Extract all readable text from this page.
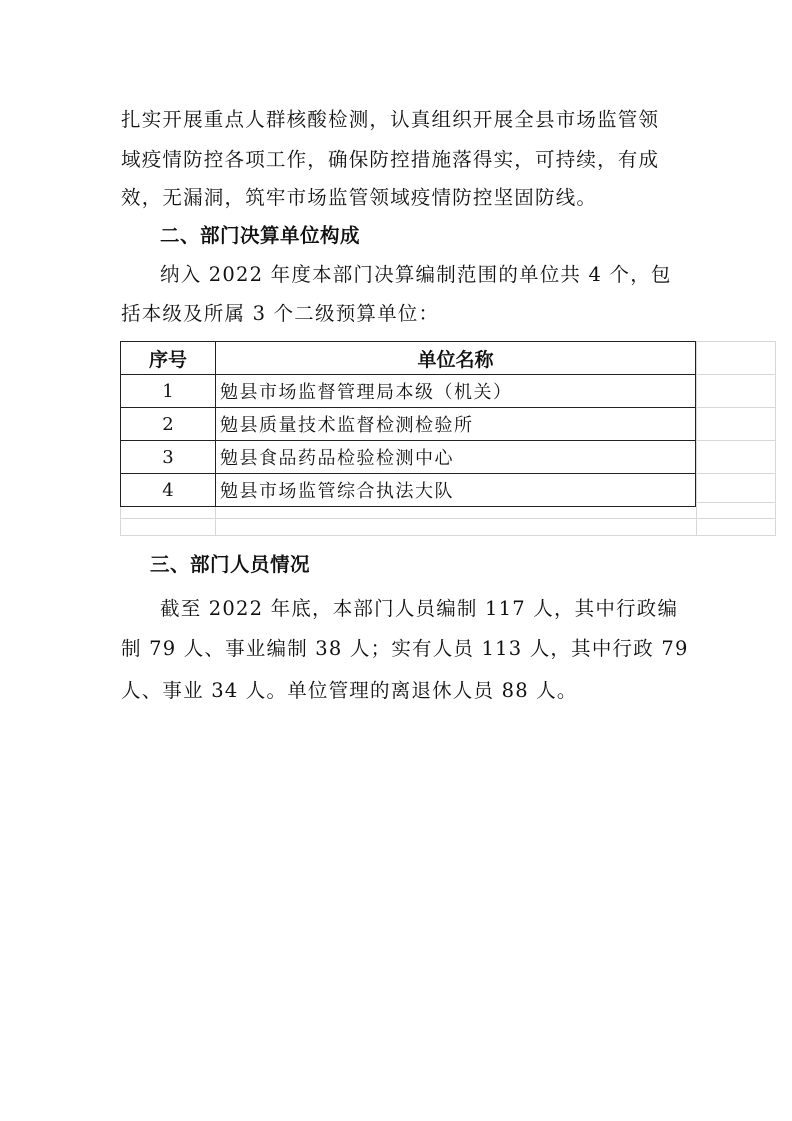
扎实开展重点人群核酸检测，认真组织开展全县市场监管领
域疫情防控各项工作，确保防控措施落得实，可持续，有成
效，无漏洞，筑牢市场监管领域疫情防控坚固防线。
二、部门决算单位构成
纳入 2022 年度本部门决算编制范围的单位共 4 个，包
括本级及所属 3 个二级预算单位：
序号	单位名称
1	勉县市场监督管理局本级（机关）
2	勉县质量技术监督检测检验所
3	勉县食品药品检验检测中心
4	勉县市场监管综合执法大队
三、部门人员情况
截至 2022 年底，本部门人员编制 117 人，其中行政编
制 79 人、事业编制 38 人；实有人员 113 人，其中行政 79
人、事业 34 人。单位管理的离退休人员 88 人。
